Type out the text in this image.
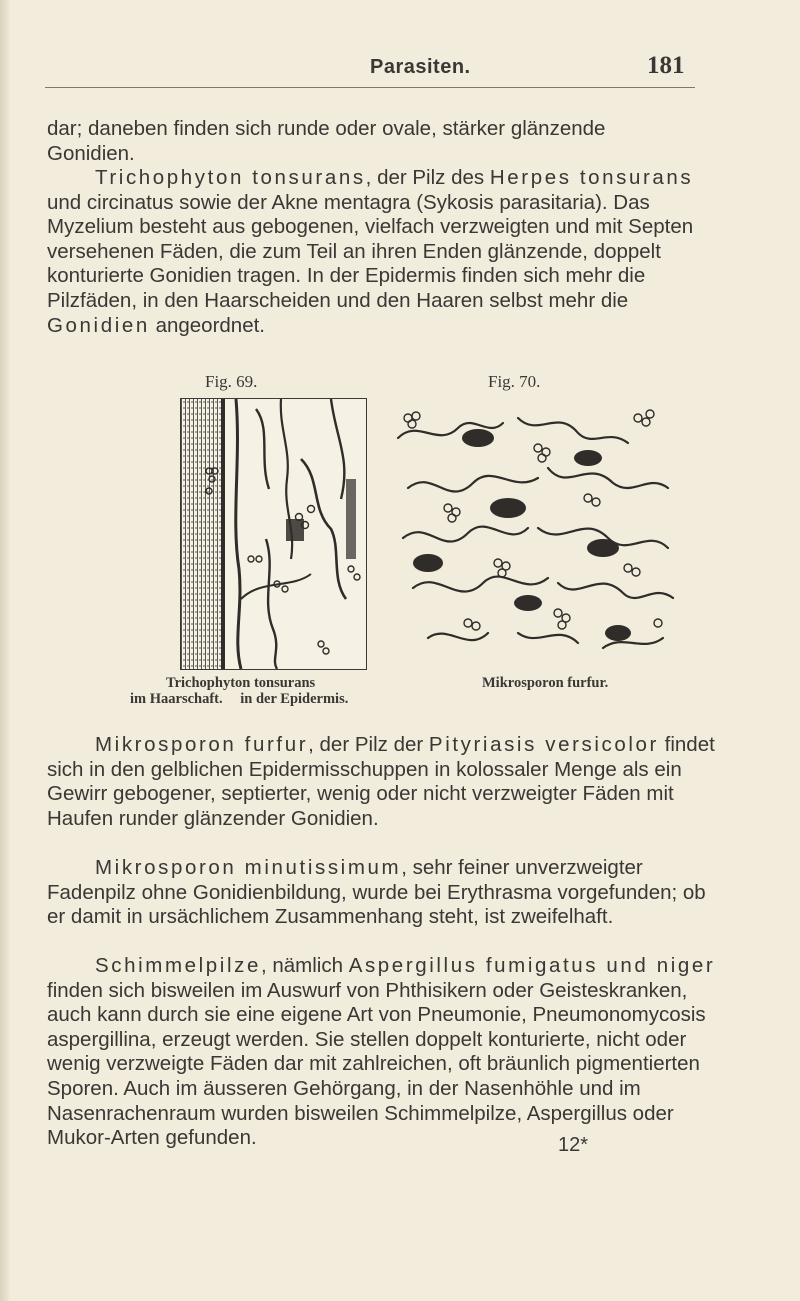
Parasiten.	181

dar; daneben finden sich runde oder ovale, stärker glänzende

Gonidien.

Trichophyton tonsurans, der Pilz des Herpes tonsurans und circinatus sowie der Akne mentagra (Sykosis parasitaria). Das Myzelium besteht aus gebogenen, vielfach verzweigten und mit Septen versehenen Fäden, die zum Teil an ihren Enden glänzende, doppelt konturierte Gonidien tragen. In der Epidermis finden sich mehr die Pilzfäden, in den Haarscheiden und den Haaren selbst mehr die Gonidien angeordnet.

Fig. 69.	Fig. 70.
Trichophyton tonsurans
im Haarschaft. in der Epidermis.
Mikrosporon furfur.

Mikrosporon furfur, der Pilz der Pityriasis versicolor findet sich in den gelblichen Epidermisschuppen in kolossaler Menge als ein Gewirr gebogener, septierter, wenig oder nicht verzweigter Fäden mit Haufen runder glänzender Gonidien.

Mikrosporon minutissimum, sehr feiner unverzweigter Fadenpilz ohne Gonidienbildung, wurde bei Erythrasma vorgefunden; ob er damit in ursächlichem Zusammenhang steht, ist zweifelhaft.

Schimmelpilze, nämlich Aspergillus fumigatus und niger finden sich bisweilen im Auswurf von Phthisikern oder Geisteskranken, auch kann durch sie eine eigene Art von Pneumonie, Pneumonomycosis aspergillina, erzeugt werden. Sie stellen doppelt konturierte, nicht oder wenig verzweigte Fäden dar mit zahlreichen, oft bräunlich pigmentierten Sporen. Auch im äusseren Gehörgang, in der Nasenhöhle und im Nasenrachenraum wurden bisweilen Schimmelpilze, Aspergillus oder Mukor-Arten gefunden.	12*
